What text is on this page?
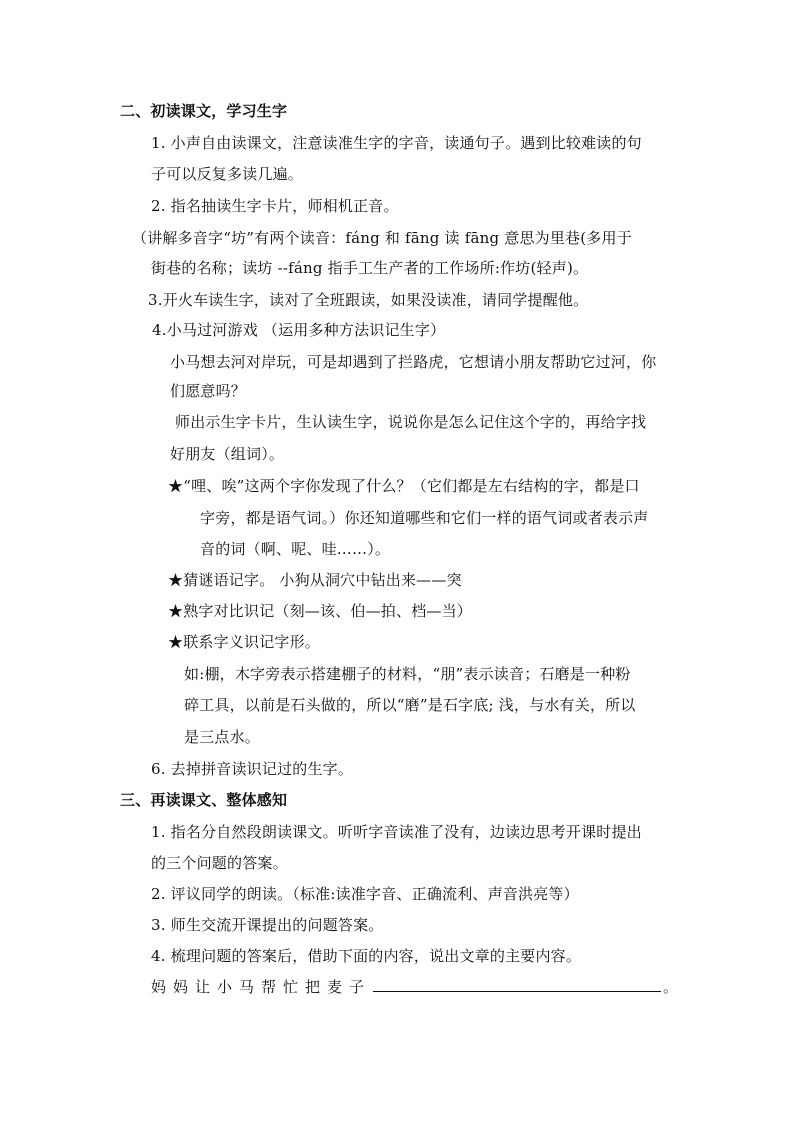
二、初读课文，学习生字
1. 小声自由读课文，注意读准生字的字音，读通句子。遇到比较难读的句
子可以反复多读几遍。
2. 指名抽读生字卡片，师相机正音。
（讲解多音字“坊”有两个读音：fáng 和 fāng 读 fāng 意思为里巷(多用于
街巷的名称；读坊 --fáng 指手工生产者的工作场所:作坊(轻声)。
3.开火车读生字，读对了全班跟读，如果没读准，请同学提醒他。
4.小马过河游戏 （运用多种方法识记生字）
小马想去河对岸玩，可是却遇到了拦路虎，它想请小朋友帮助它过河，你
们愿意吗？
师出示生字卡片，生认读生字，说说你是怎么记住这个字的，再给字找
好朋友（组词）。
★“哩、唉”这两个字你发现了什么？（它们都是左右结构的字，都是口
字旁，都是语气词。）你还知道哪些和它们一样的语气词或者表示声
音的词（啊、呢、哇……）。
★猜谜语记字。 小狗从洞穴中钻出来——突
★熟字对比识记（刻—该、伯—拍、档—当）
★联系字义识记字形。
如:棚，木字旁表示搭建棚子的材料，“朋”表示读音；石磨是一种粉
碎工具，以前是石头做的，所以“磨”是石字底; 浅，与水有关，所以
是三点水。
6. 去掉拼音读识记过的生字。
三、再读课文、整体感知
1. 指名分自然段朗读课文。听听字音读准了没有，边读边思考开课时提出
的三个问题的答案。
2. 评议同学的朗读。（标准:读准字音、正确流利、声音洪亮等）
3. 师生交流开课提出的问题答案。
4. 梳理问题的答案后，借助下面的内容，说出文章的主要内容。
妈妈让小马帮忙把麦子	。
